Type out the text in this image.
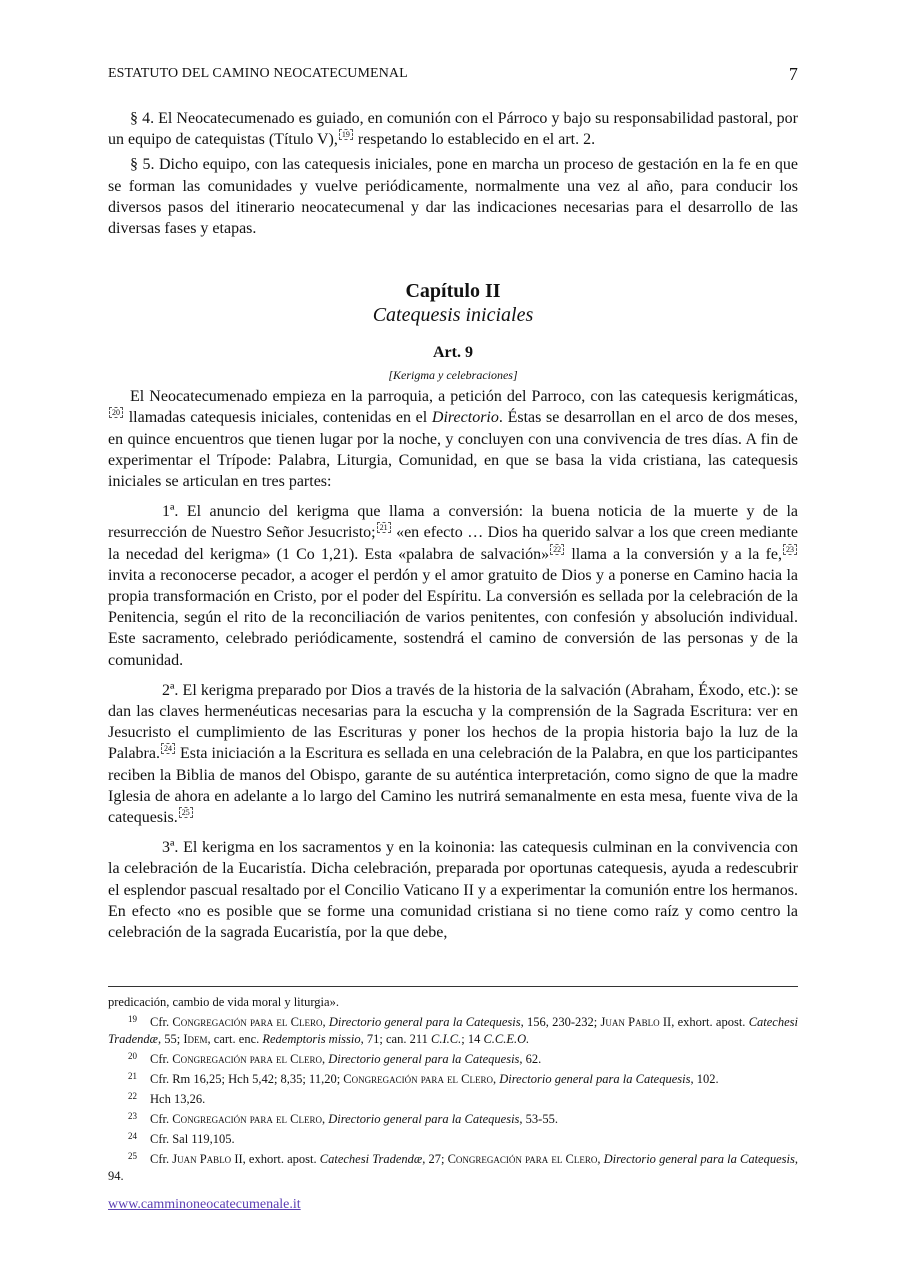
ESTATUTO DEL CAMINO NEOCATECUMENAL	7

§ 4. El Neocatecumenado es guiado, en comunión con el Párroco y bajo su responsabilidad pastoral, por un equipo de catequistas (Título V), 19 respetando lo establecido en el art. 2.

§ 5. Dicho equipo, con las catequesis iniciales, pone en marcha un proceso de gestación en la fe en que se forman las comunidades y vuelve periódicamente, normalmente una vez al año, para conducir los diversos pasos del itinerario neocatecumenal y dar las indicaciones necesarias para el desarrollo de las diversas fases y etapas.

Capítulo II
Catequesis iniciales
Art. 9
[Kerigma y celebraciones]

El Neocatecumenado empieza en la parroquia, a petición del Parroco, con las catequesis kerigmáticas,20 llamadas catequesis iniciales, contenidas en el Directorio. Éstas se desarrollan en el arco de dos meses, en quince encuentros que tienen lugar por la noche, y concluyen con una convivencia de tres días. A fin de experimentar el Trípode: Palabra, Liturgia, Comunidad, en que se basa la vida cristiana, las catequesis iniciales se articulan en tres partes:

1ª. El anuncio del kerigma que llama a conversión: la buena noticia de la muerte y de la resurrección de Nuestro Señor Jesucristo; 21 «en efecto … Dios ha querido salvar a los que creen mediante la necedad del kerigma» (1 Co 1,21). Esta «palabra de salvación» 22 llama a la conversión y a la fe, 23 invita a reconocerse pecador, a acoger el perdón y el amor gratuito de Dios y a ponerse en Camino hacia la propia transformación en Cristo, por el poder del Espíritu. La conversión es sellada por la celebración de la Penitencia, según el rito de la reconciliación de varios penitentes, con confesión y absolución individual. Este sacramento, celebrado periódicamente, sostendrá el camino de conversión de las personas y de la comunidad.

2ª. El kerigma preparado por Dios a través de la historia de la salvación (Abraham, Éxodo, etc.): se dan las claves hermenéuticas necesarias para la escucha y la comprensión de la Sagrada Escritura: ver en Jesucristo el cumplimiento de las Escrituras y poner los hechos de la propia historia bajo la luz de la Palabra. 24 Esta iniciación a la Escritura es sellada en una celebración de la Palabra, en que los participantes reciben la Biblia de manos del Obispo, garante de su auténtica interpretación, como signo de que la madre Iglesia de ahora en adelante a lo largo del Camino les nutrirá semanalmente en esta mesa, fuente viva de la catequesis. 25

3ª. El kerigma en los sacramentos y en la koinonia: las catequesis culminan en la convivencia con la celebración de la Eucaristía. Dicha celebración, preparada por oportunas catequesis, ayuda a redescubrir el esplendor pascual resaltado por el Concilio Vaticano II y a experimentar la comunión entre los hermanos. En efecto «no es posible que se forme una comunidad cristiana si no tiene como raíz y como centro la celebración de la sagrada Eucaristía, por la que debe,

predicación, cambio de vida moral y liturgia».

19 Cfr. Congregación para el Clero, Directorio general para la Catequesis, 156, 230-232; Juan Pablo II, exhort. apost. Catechesi Tradendæ, 55; Idem, cart. enc. Redemptoris missio, 71; can. 211 C.I.C.; 14 C.C.E.O.

20 Cfr. Congregación para el Clero, Directorio general para la Catequesis, 62.

21 Cfr. Rm 16,25; Hch 5,42; 8,35; 11,20; Congregación para el Clero, Directorio general para la Catequesis, 102.

22 Hch 13,26.

23 Cfr. Congregación para el Clero, Directorio general para la Catequesis, 53-55.

24 Cfr. Sal 119,105.

25 Cfr. Juan Pablo II, exhort. apost. Catechesi Tradendæ, 27; Congregación para el Clero, Directorio general para la Catequesis, 94.

www.camminoneocatecumenale.it
